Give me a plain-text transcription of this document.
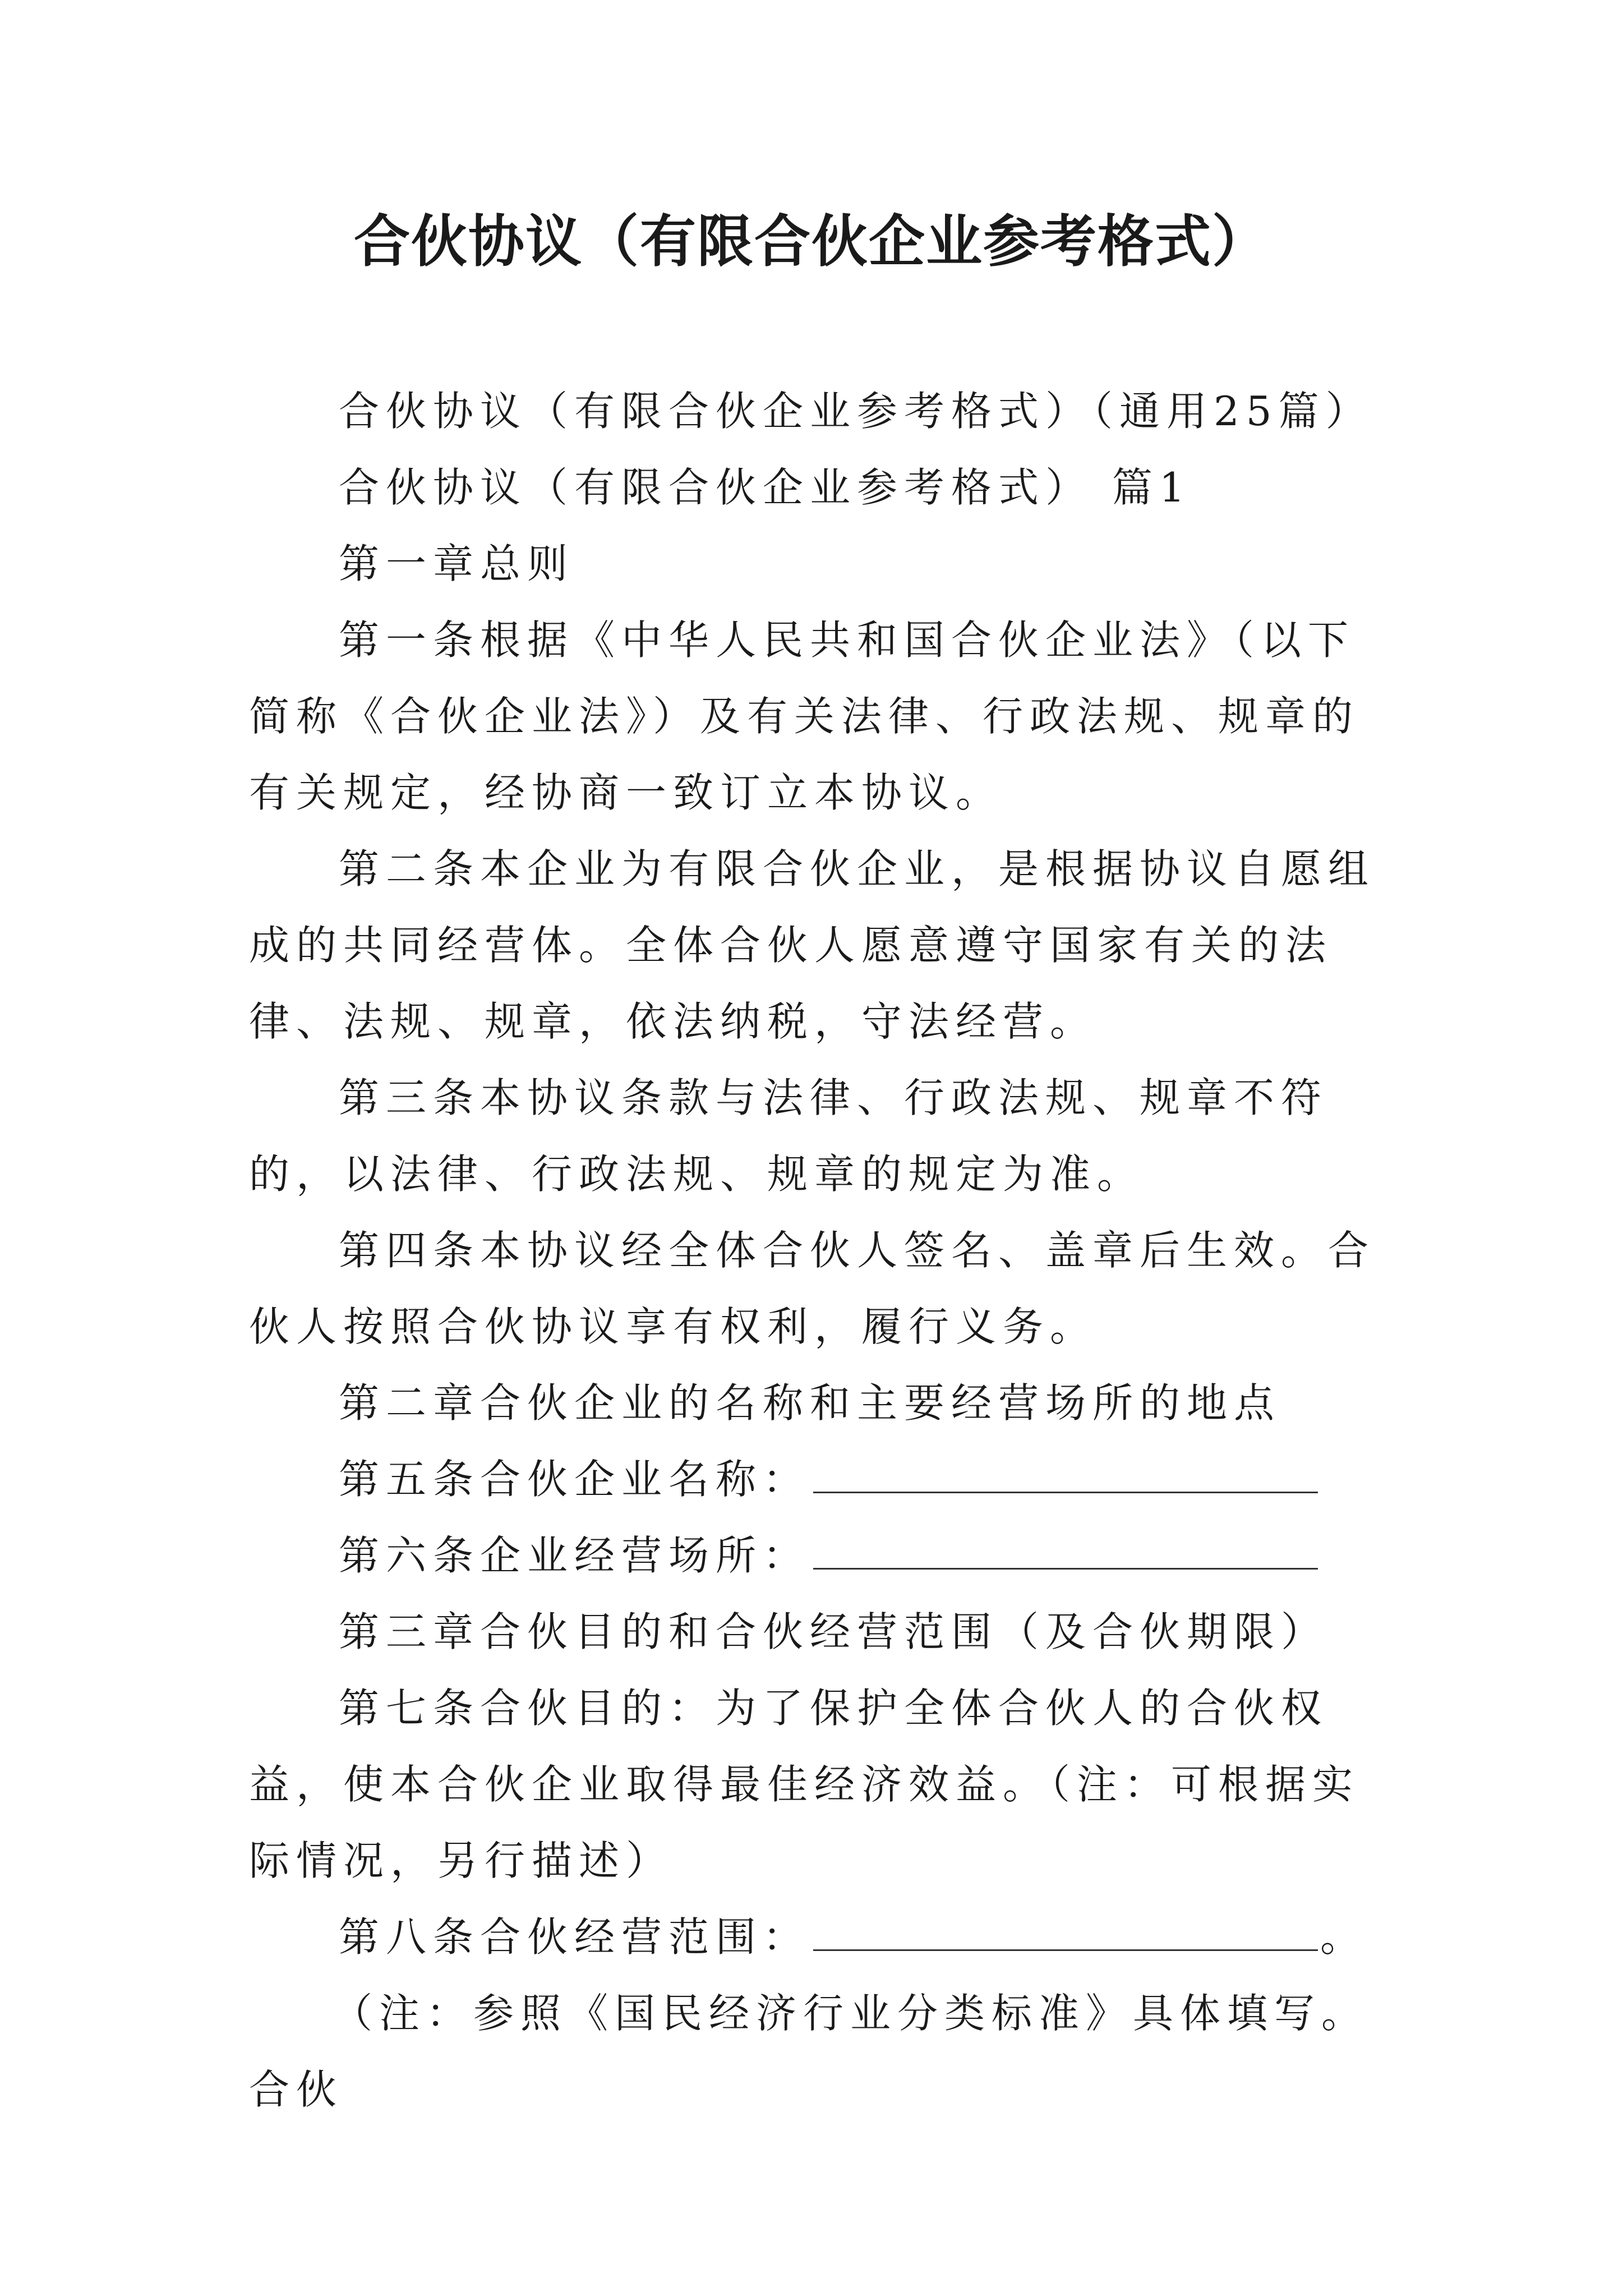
合伙协议（有限合伙企业参考格式）

合伙协议（有限合伙企业参考格式）（通用25篇）

合伙协议（有限合伙企业参考格式） 篇1

第一章总则

第一条根据《中华人民共和国合伙企业法》（以下简称《合伙企业法》）及有关法律、行政法规、规章的有关规定，经协商一致订立本协议。

第二条本企业为有限合伙企业，是根据协议自愿组成的共同经营体。全体合伙人愿意遵守国家有关的法律、法规、规章，依法纳税，守法经营。

第三条本协议条款与法律、行政法规、规章不符的，以法律、行政法规、规章的规定为准。

第四条本协议经全体合伙人签名、盖章后生效。合伙人按照合伙协议享有权利，履行义务。

第二章合伙企业的名称和主要经营场所的地点

第五条合伙企业名称：

第六条企业经营场所：

第三章合伙目的和合伙经营范围（及合伙期限）

第七条合伙目的：为了保护全体合伙人的合伙权益，使本合伙企业取得最佳经济效益。（注：可根据实际情况，另行描述）

第八条合伙经营范围：	。

（注：参照《国民经济行业分类标准》具体填写。合伙
